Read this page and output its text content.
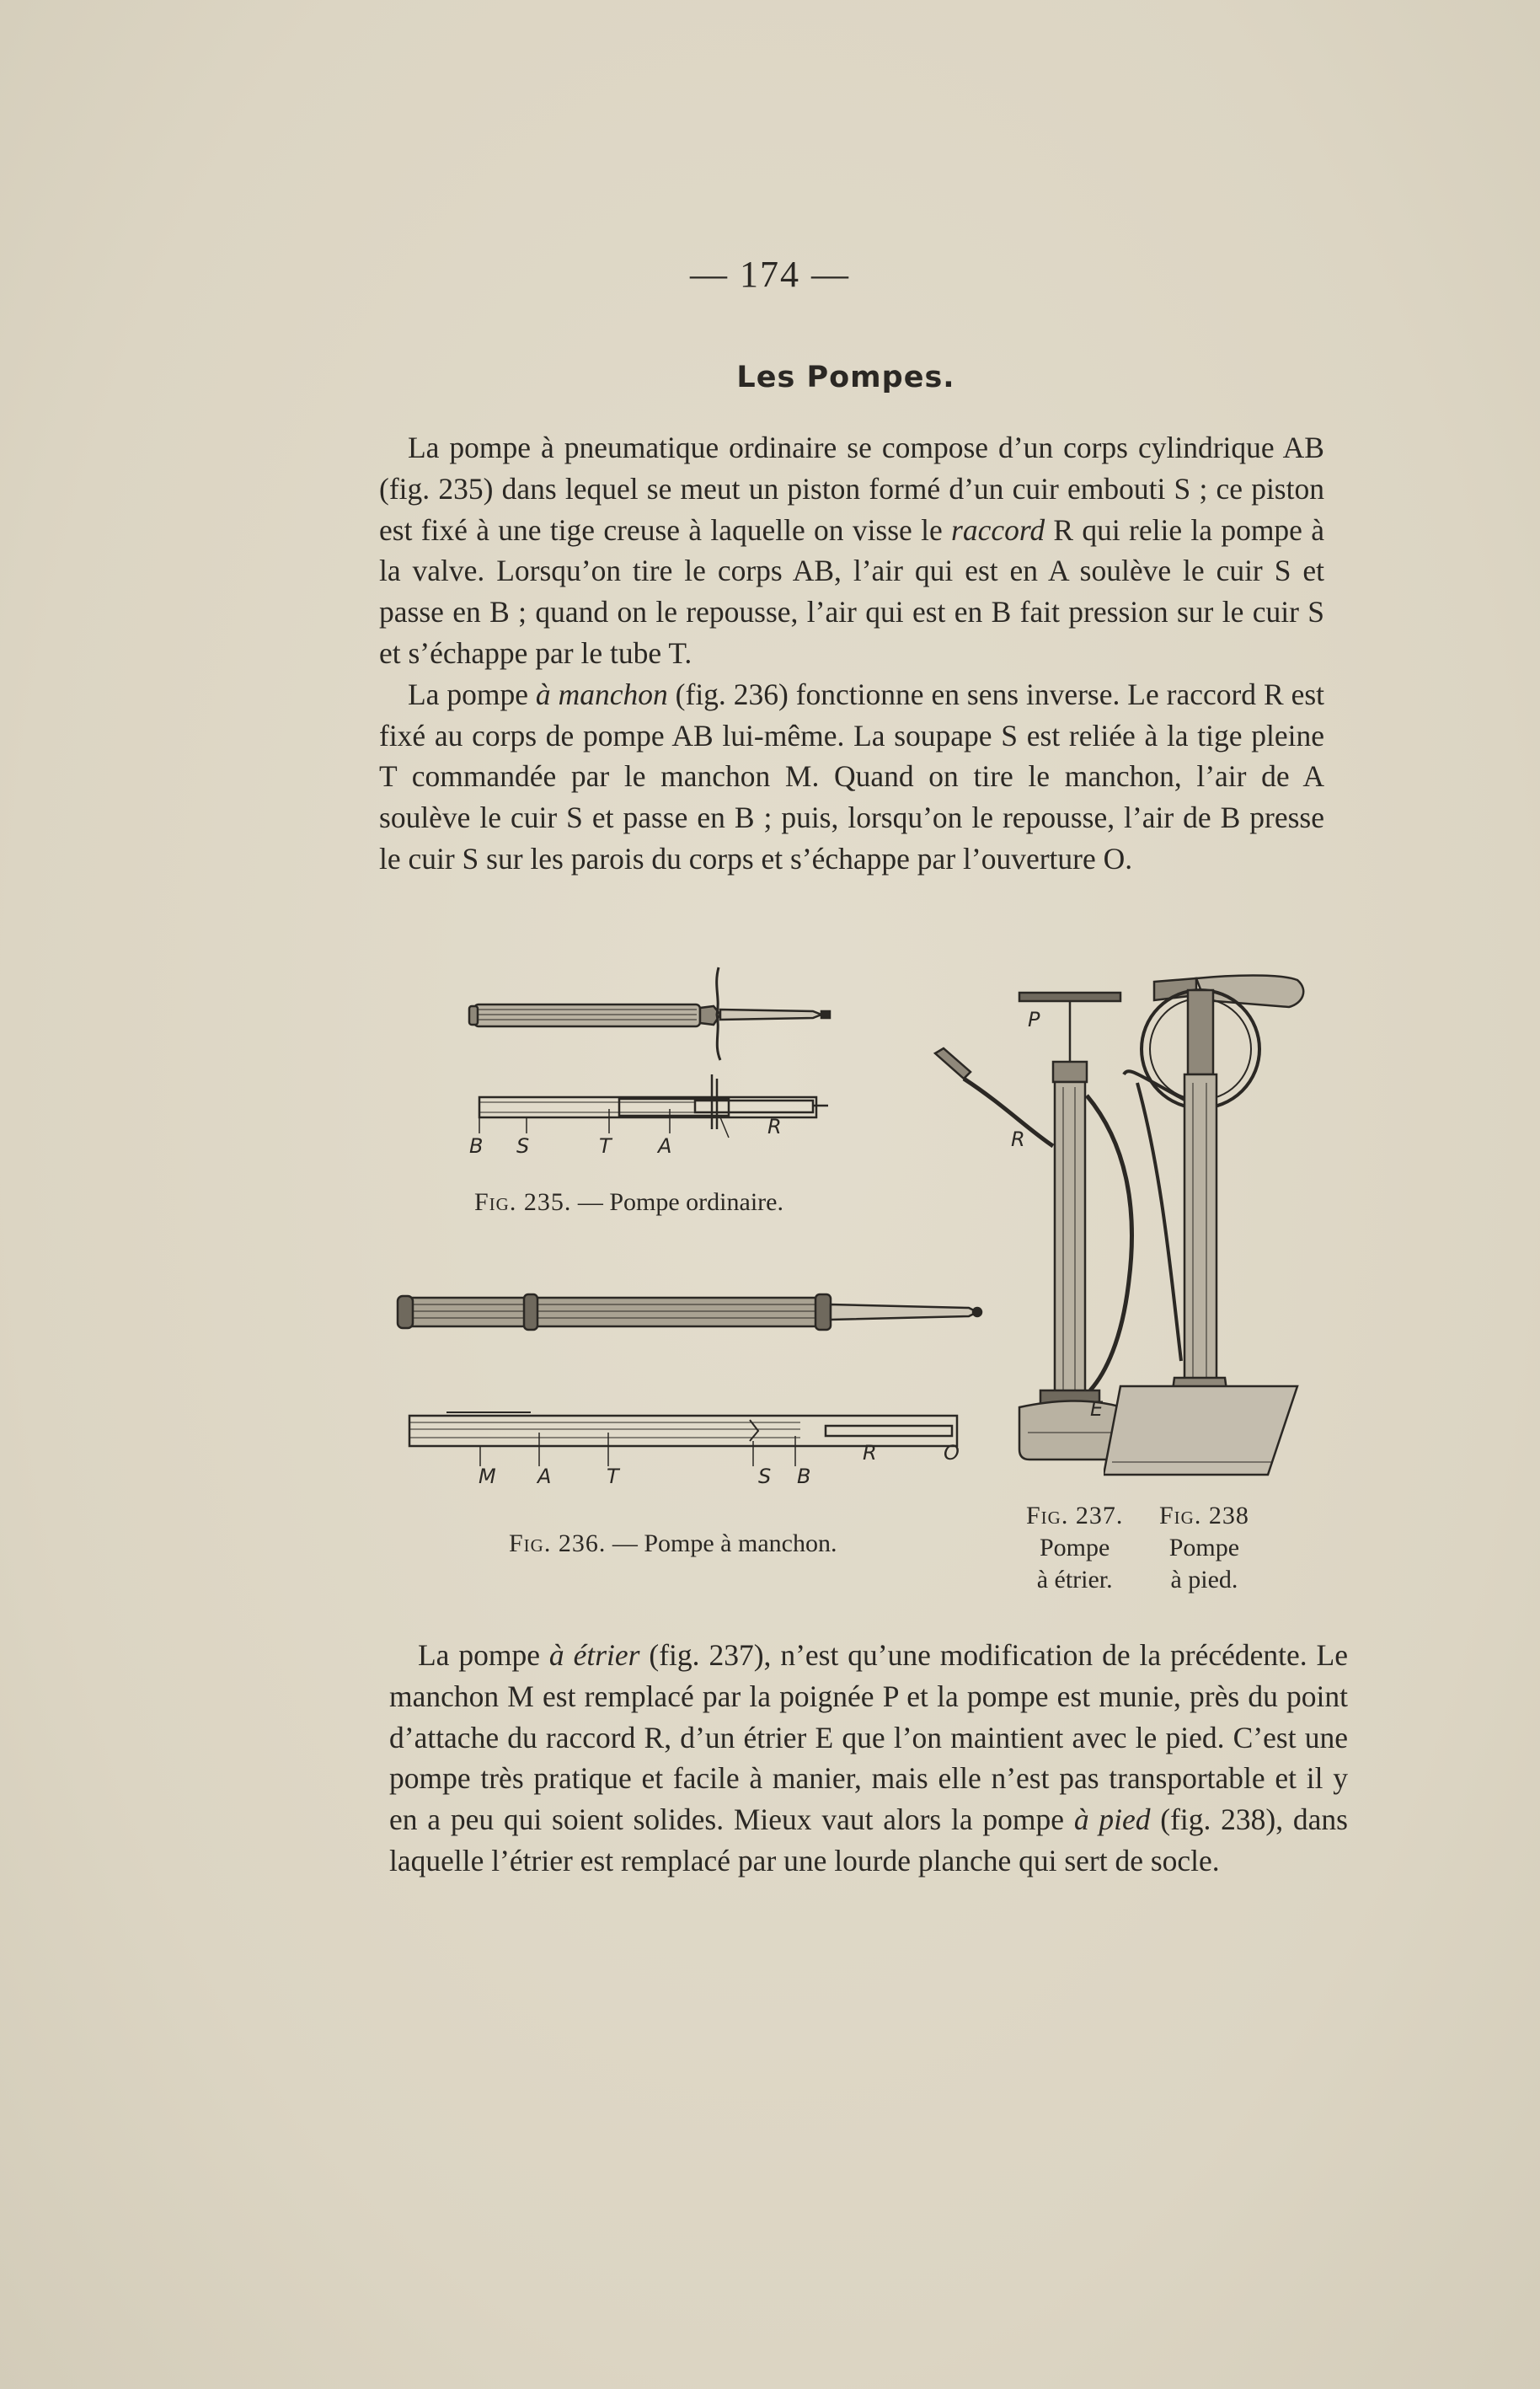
— 174 —
Les Pompes.

La pompe à pneumatique ordinaire se compose d’un corps cylindrique AB (fig. 235) dans lequel se meut un piston formé d’un cuir embouti S ; ce piston est fixé à une tige creuse à laquelle on visse le raccord R qui relie la pompe à la valve. Lorsqu’on tire le corps AB, l’air qui est en A soulève le cuir S et passe en B ; quand on le repousse, l’air qui est en B fait pression sur le cuir S et s’échappe par le tube T.

La pompe à manchon (fig. 236) fonctionne en sens inverse. Le raccord R est fixé au corps de pompe AB lui-même. La soupape S est reliée à la tige pleine T commandée par le manchon M. Quand on tire le manchon, l’air de A soulève le cuir S et passe en B ; puis, lorsqu’on le repousse, l’air de B presse le cuir S sur les parois du corps et s’échappe par l’ouverture O.

B S	T A
R
Fig. 235. — Pompe ordinaire.
M A	T	S B
R	O
Fig. 236. — Pompe à manchon.
P
R
E
Fig. 237.
Pompe
à étrier.
Fig. 238
Pompe
à pied.

La pompe à étrier (fig. 237), n’est qu’une modification de la précédente. Le manchon M est remplacé par la poignée P et la pompe est munie, près du point d’attache du raccord R, d’un étrier E que l’on maintient avec le pied. C’est une pompe très pratique et facile à manier, mais elle n’est pas transportable et il y en a peu qui soient solides. Mieux vaut alors la pompe à pied (fig. 238), dans laquelle l’étrier est remplacé par une lourde planche qui sert de socle.
